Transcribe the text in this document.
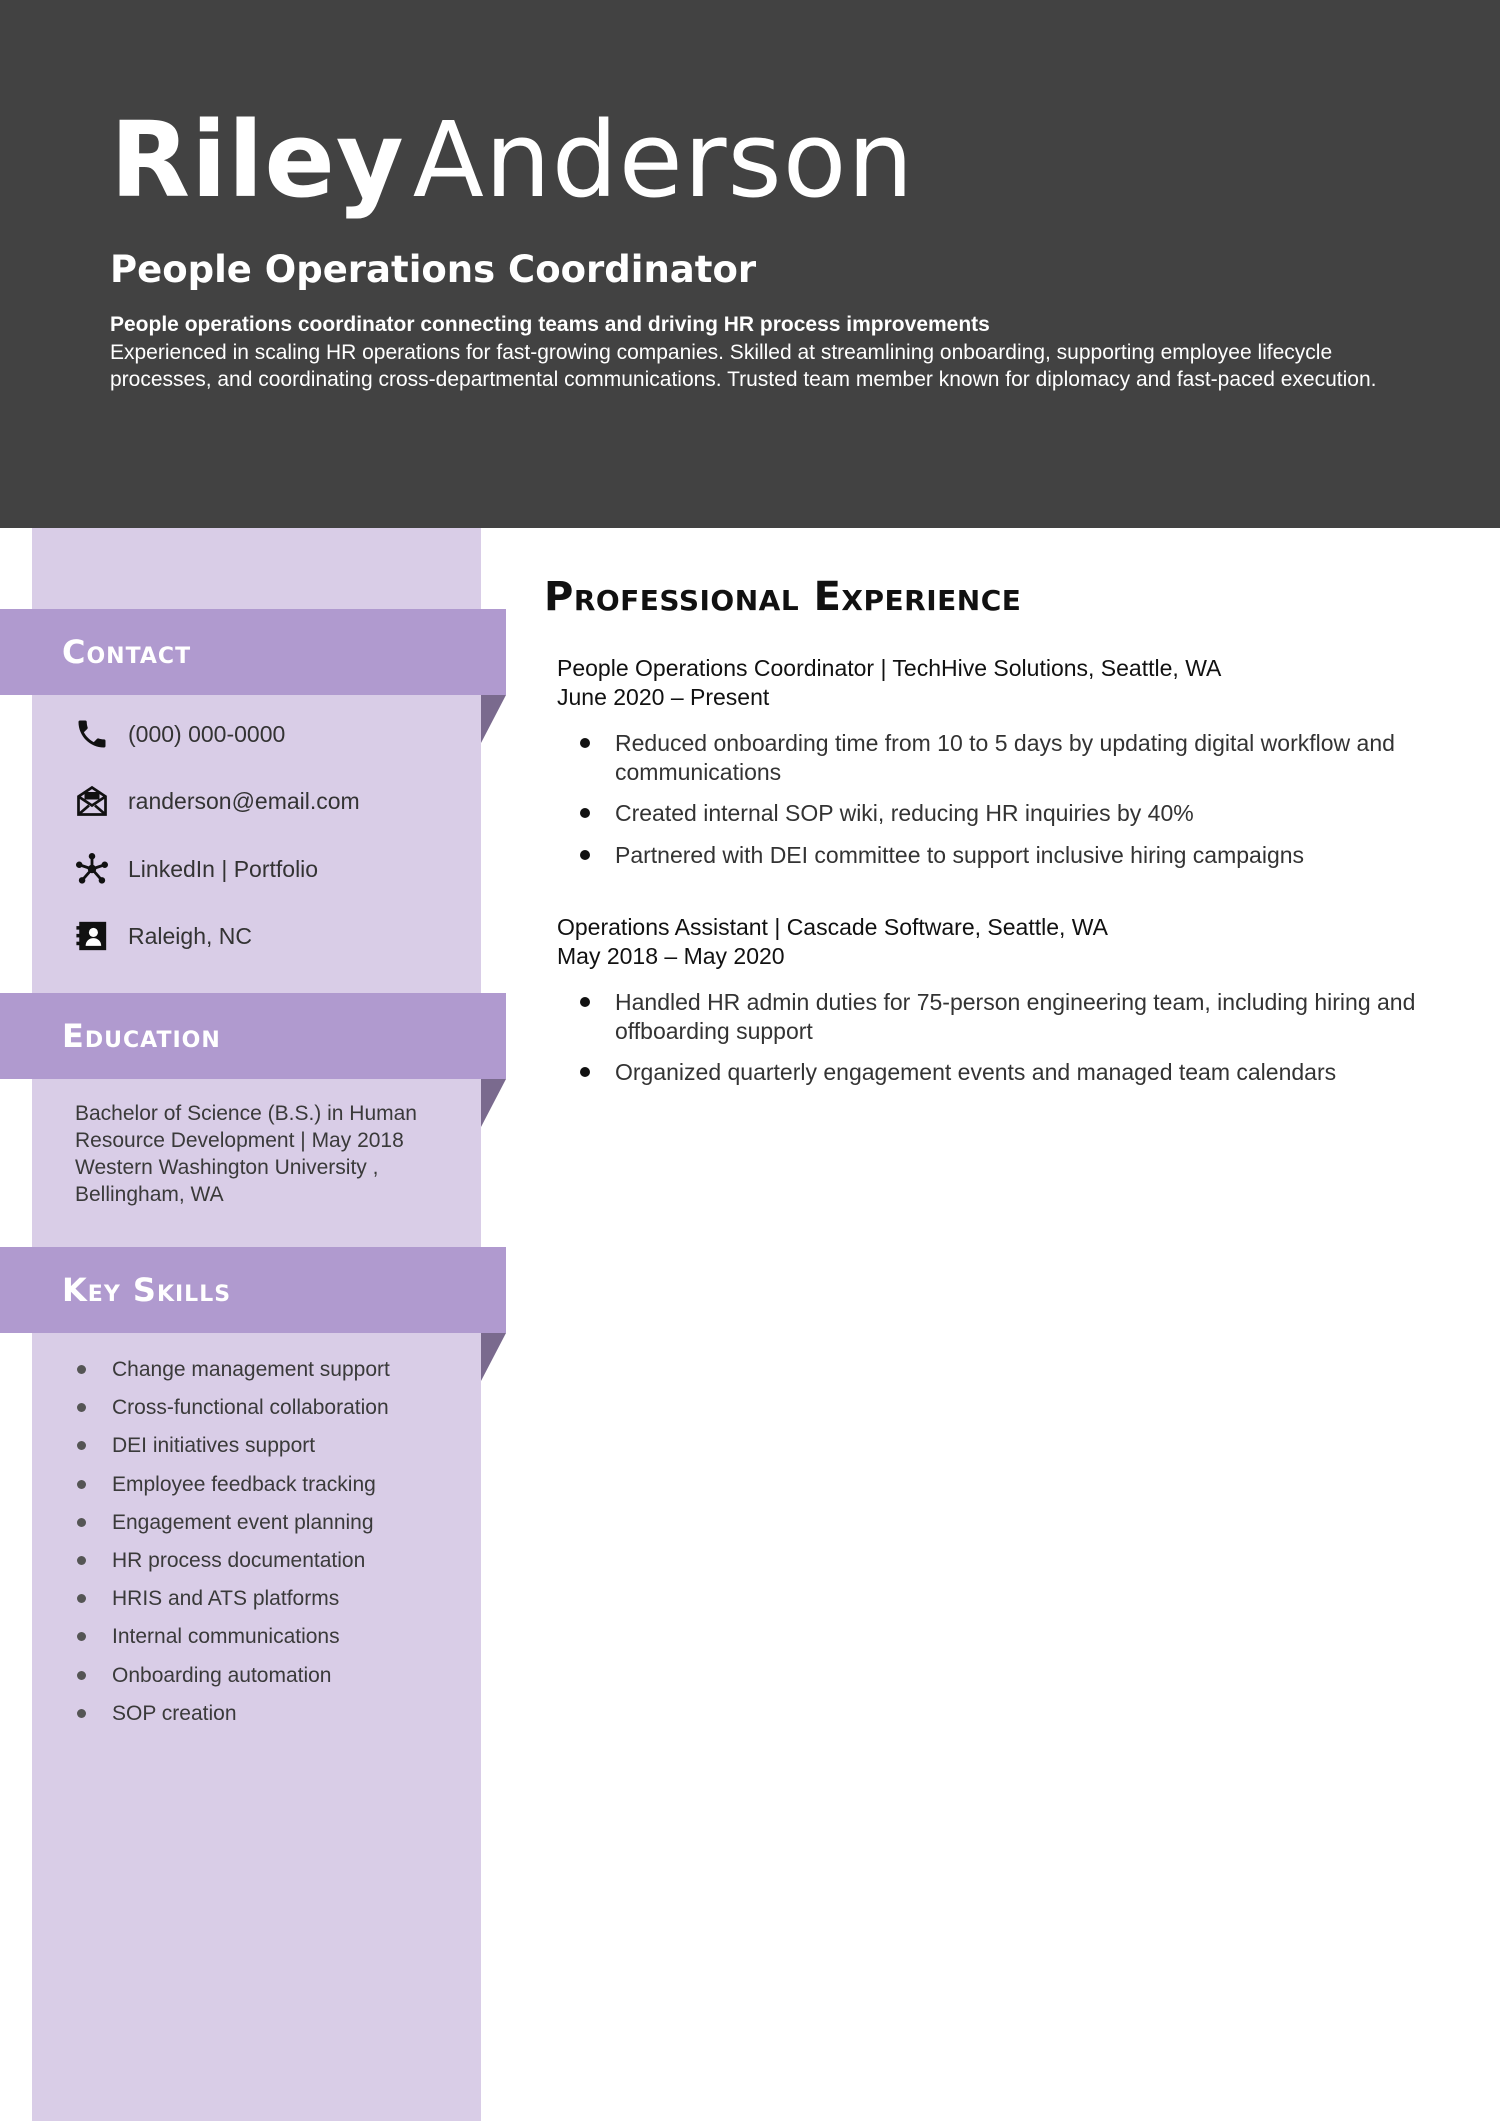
RileyAnderson
People Operations Coordinator
People operations coordinator connecting teams and driving HR process improvements
Experienced in scaling HR operations for fast-growing companies. Skilled at streamlining onboarding, supporting employee lifecycle processes, and coordinating cross-departmental communications. Trusted team member known for diplomacy and fast-paced execution.
Contact
(000) 000-0000
randerson@email.com
LinkedIn | Portfolio
Raleigh, NC
Education
Bachelor of Science (B.S.) in Human
Resource Development | May 2018
Western Washington University ,
Bellingham, WA
Key Skills
Change management support
Cross-functional collaboration
DEI initiatives support
Employee feedback tracking
Engagement event planning
HR process documentation
HRIS and ATS platforms
Internal communications
Onboarding automation
SOP creation
Professional Experience
People Operations Coordinator | TechHive Solutions, Seattle, WA
June 2020 – Present
Reduced onboarding time from 10 to 5 days by updating digital workflow and communications
Created internal SOP wiki, reducing HR inquiries by 40%
Partnered with DEI committee to support inclusive hiring campaigns
Operations Assistant | Cascade Software, Seattle, WA
May 2018 – May 2020
Handled HR admin duties for 75-person engineering team, including hiring and offboarding support
Organized quarterly engagement events and managed team calendars
